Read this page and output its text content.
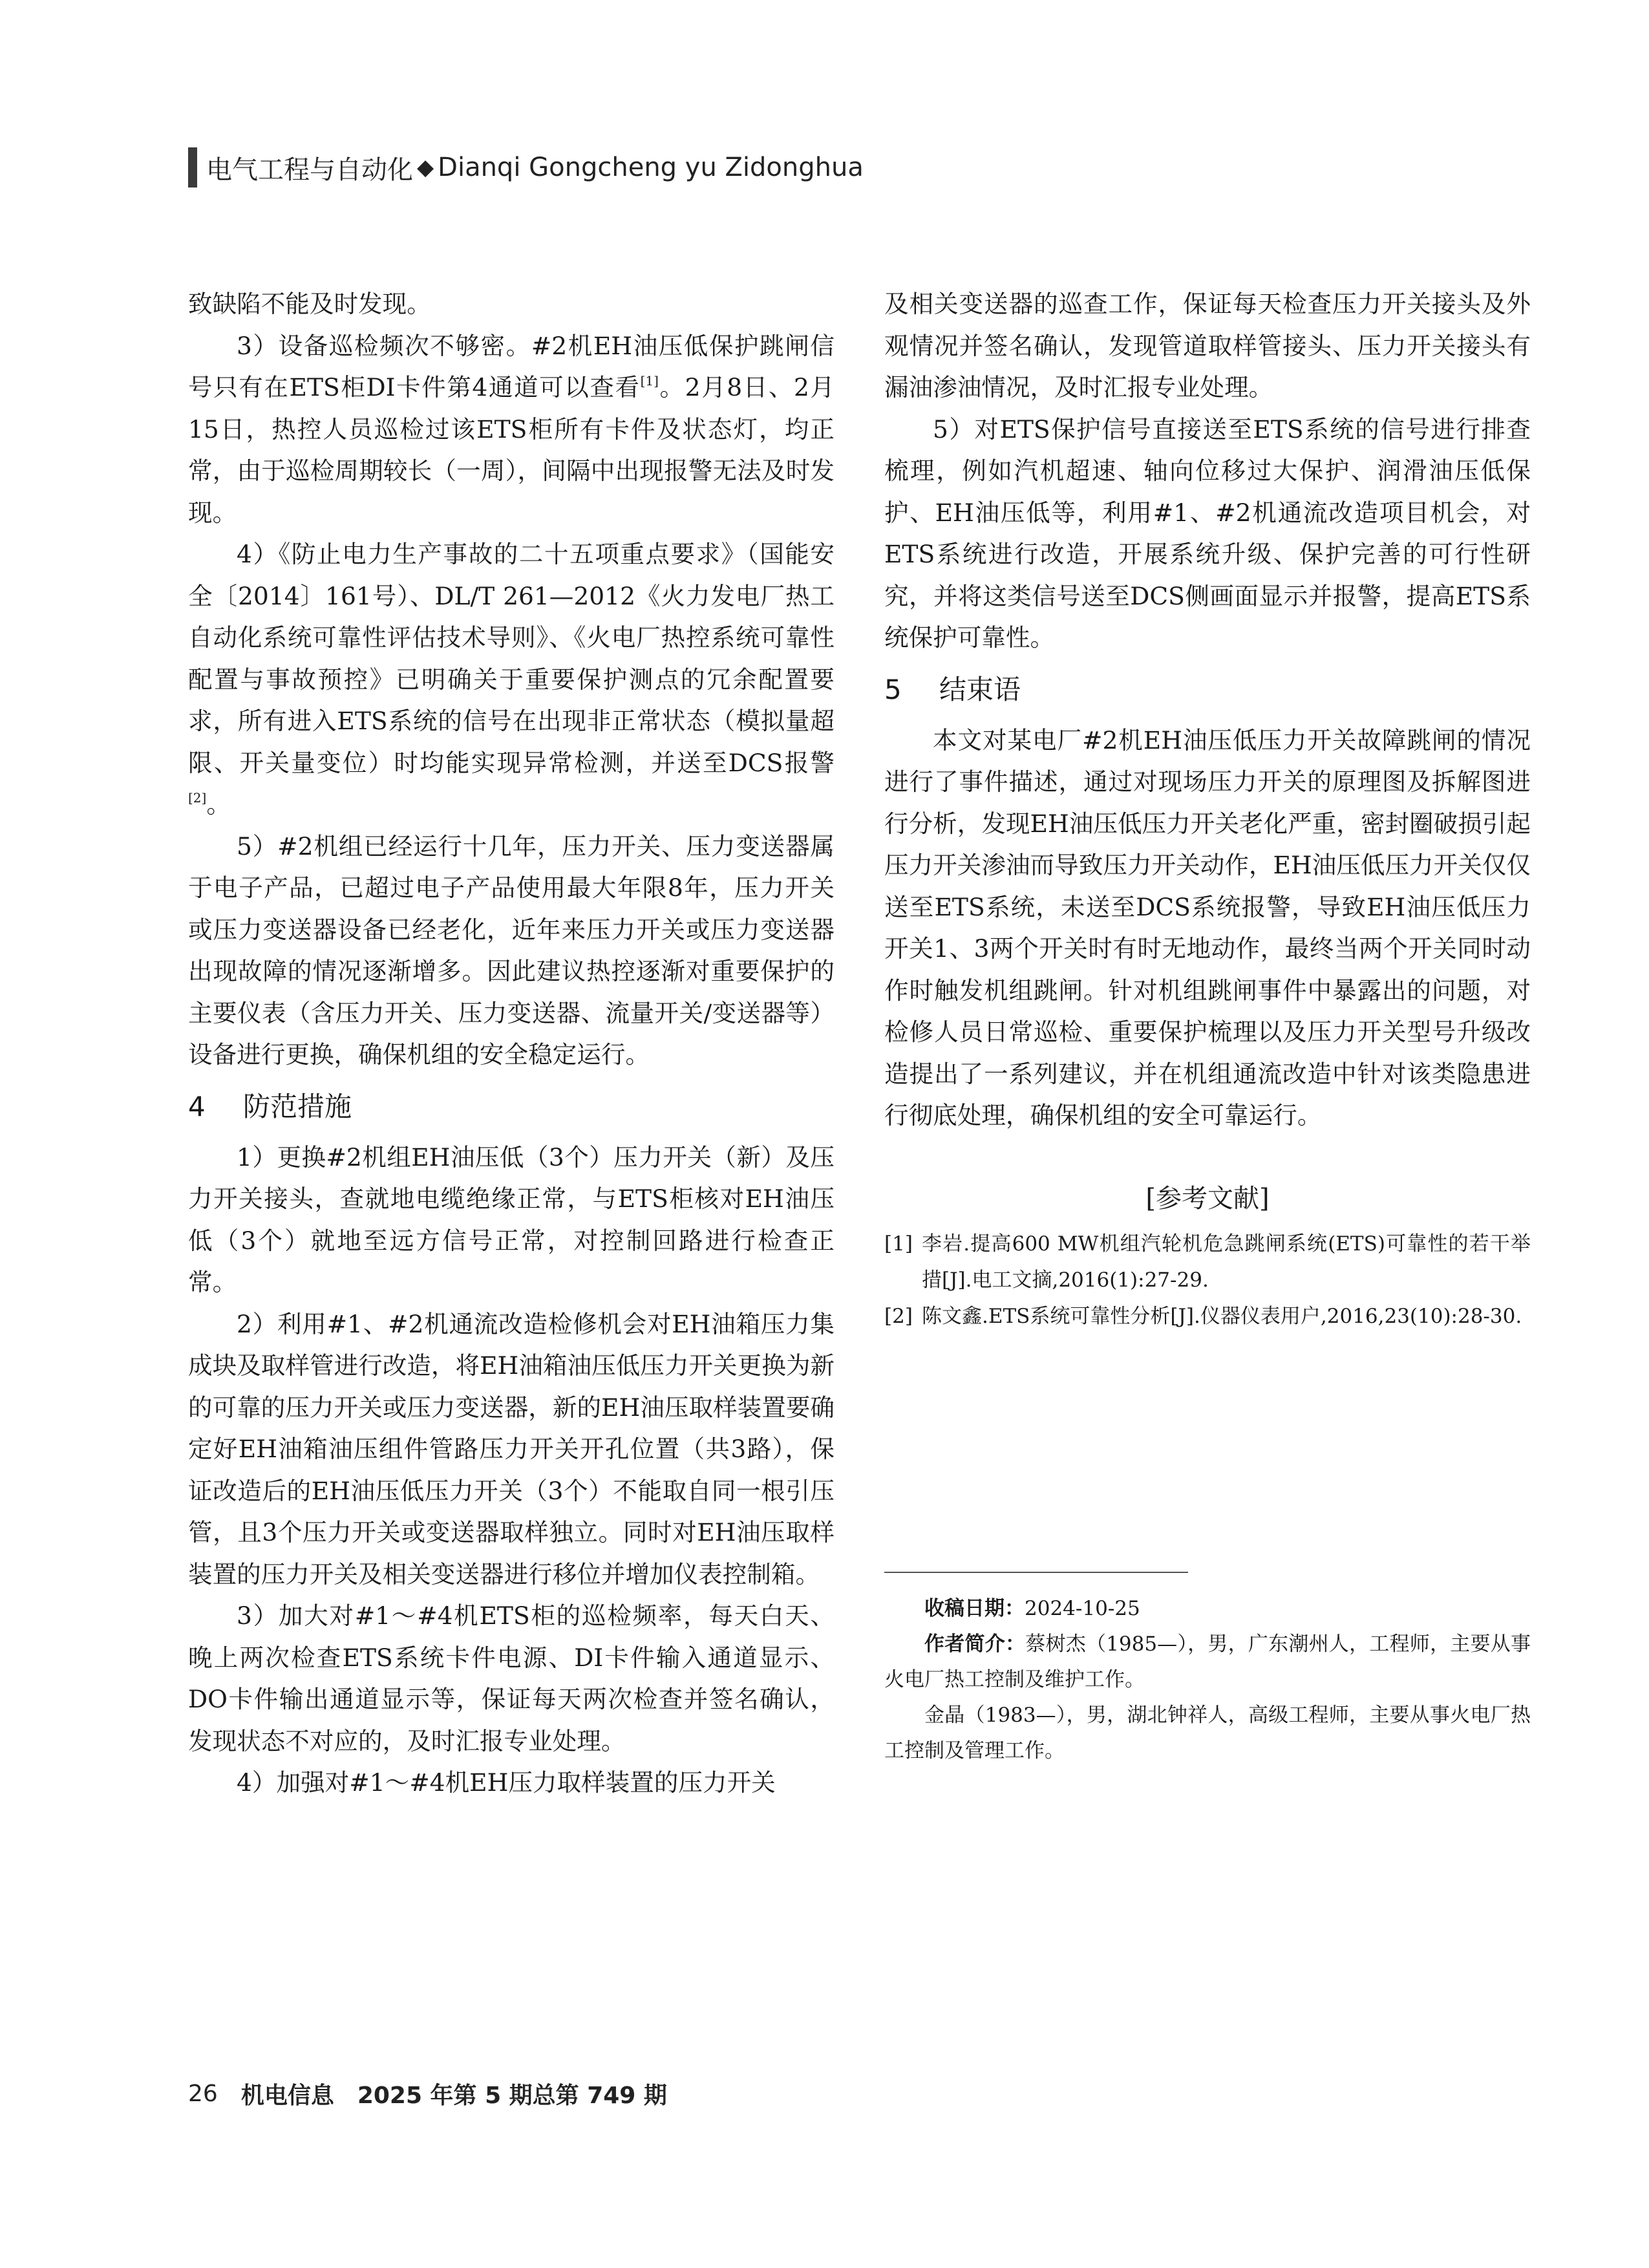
电气工程与自动化 ◆ Dianqi Gongcheng yu Zidonghua

致缺陷不能及时发现。

3）设备巡检频次不够密。#2机EH油压低保护跳闸信号只有在ETS柜DI卡件第4通道可以查看[1]。2月8日、2月15日，热控人员巡检过该ETS柜所有卡件及状态灯，均正常，由于巡检周期较长（一周），间隔中出现报警无法及时发现。

4）《防止电力生产事故的二十五项重点要求》（国能安全〔2014〕161号）、DL/T 261—2012《火力发电厂热工自动化系统可靠性评估技术导则》、《火电厂热控系统可靠性配置与事故预控》已明确关于重要保护测点的冗余配置要求，所有进入ETS系统的信号在出现非正常状态（模拟量超限、开关量变位）时均能实现异常检测，并送至DCS报警[2]。

5）#2机组已经运行十几年，压力开关、压力变送器属于电子产品，已超过电子产品使用最大年限8年，压力开关或压力变送器设备已经老化，近年来压力开关或压力变送器出现故障的情况逐渐增多。因此建议热控逐渐对重要保护的主要仪表（含压力开关、压力变送器、流量开关/变送器等）设备进行更换，确保机组的安全稳定运行。

4 防范措施

1）更换#2机组EH油压低（3个）压力开关（新）及压力开关接头，查就地电缆绝缘正常，与ETS柜核对EH油压低（3个）就地至远方信号正常，对控制回路进行检查正常。

2）利用#1、#2机通流改造检修机会对EH油箱压力集成块及取样管进行改造，将EH油箱油压低压力开关更换为新的可靠的压力开关或压力变送器，新的EH油压取样装置要确定好EH油箱油压组件管路压力开关开孔位置（共3路），保证改造后的EH油压低压力开关（3个）不能取自同一根引压管，且3个压力开关或变送器取样独立。同时对EH油压取样装置的压力开关及相关变送器进行移位并增加仪表控制箱。

3）加大对#1～#4机ETS柜的巡检频率，每天白天、晚上两次检查ETS系统卡件电源、DI卡件输入通道显示、DO卡件输出通道显示等，保证每天两次检查并签名确认，发现状态不对应的，及时汇报专业处理。

4）加强对#1～#4机EH压力取样装置的压力开关

及相关变送器的巡查工作，保证每天检查压力开关接头及外观情况并签名确认，发现管道取样管接头、压力开关接头有漏油渗油情况，及时汇报专业处理。

5）对ETS保护信号直接送至ETS系统的信号进行排查梳理，例如汽机超速、轴向位移过大保护、润滑油压低保护、EH油压低等，利用#1、#2机通流改造项目机会，对ETS系统进行改造，开展系统升级、保护完善的可行性研究，并将这类信号送至DCS侧画面显示并报警，提高ETS系统保护可靠性。

5 结束语

本文对某电厂#2机EH油压低压力开关故障跳闸的情况进行了事件描述，通过对现场压力开关的原理图及拆解图进行分析，发现EH油压低压力开关老化严重，密封圈破损引起压力开关渗油而导致压力开关动作，EH油压低压力开关仅仅送至ETS系统，未送至DCS系统报警，导致EH油压低压力开关1、3两个开关时有时无地动作，最终当两个开关同时动作时触发机组跳闸。针对机组跳闸事件中暴露出的问题，对检修人员日常巡检、重要保护梳理以及压力开关型号升级改造提出了一系列建议，并在机组通流改造中针对该类隐患进行彻底处理，确保机组的安全可靠运行。

[参考文献]
[1] 李岩.提高600 MW机组汽轮机危急跳闸系统(ETS)可靠性的若干举措[J].电工文摘,2016(1):27-29.
[2] 陈文鑫.ETS系统可靠性分析[J].仪器仪表用户,2016,23(10):28-30.

收稿日期：2024-10-25

作者简介：蔡树杰（1985—），男，广东潮州人，工程师，主要从事火电厂热工控制及维护工作。

金晶（1983—），男，湖北钟祥人，高级工程师，主要从事火电厂热工控制及管理工作。

26 机电信息 2025 年第 5 期总第 749 期
